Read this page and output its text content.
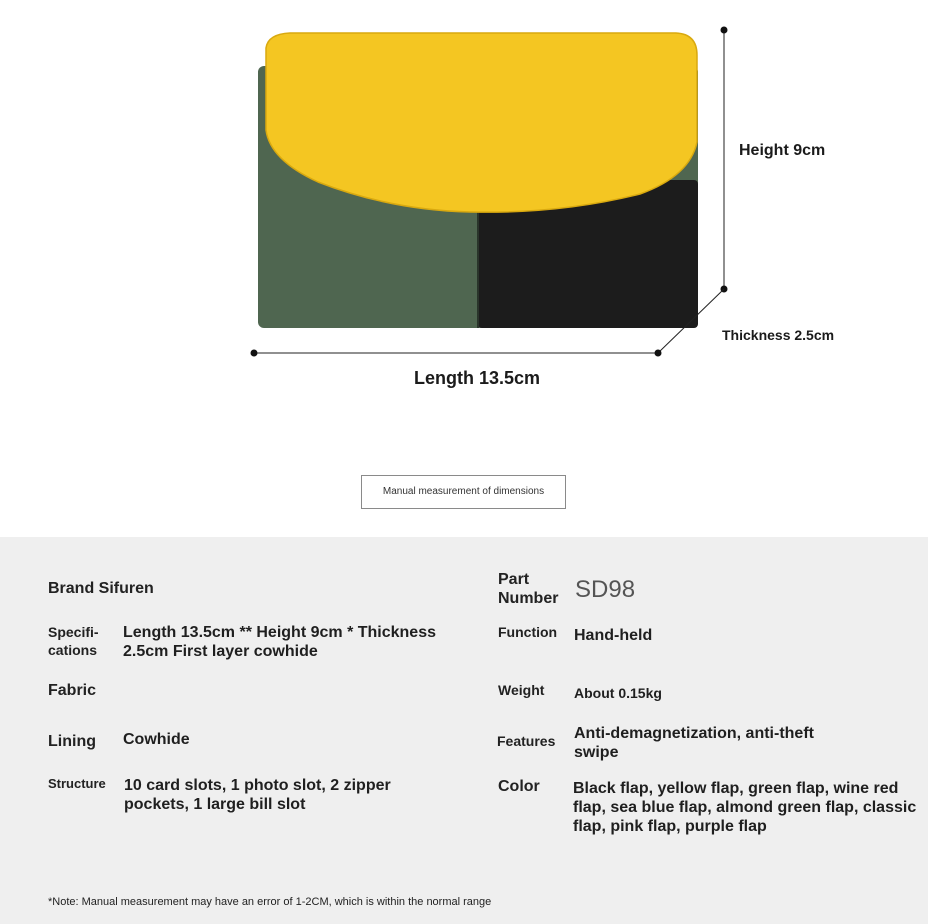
Height 9cm
Thickness 2.5cm
Length 13.5cm
Manual measurement of dimensions
Brand Sifuren
Specifi-
cations
Length 13.5cm ** Height 9cm * Thickness
2.5cm First layer cowhide
Fabric
Lining Cowhide
Structure 10 card slots, 1 photo slot, 2 zipper
pockets, 1 large bill slot
Part Number SD98
Function Hand-held
Weight About 0.15kg
Features Anti-demagnetization, anti-theft
swipe
Color Black flap, yellow flap, green flap, wine red
flap, sea blue flap, almond green flap, classic
flap, pink flap, purple flap
*Note: Manual measurement may have an error of 1-2CM, which is within the normal range
